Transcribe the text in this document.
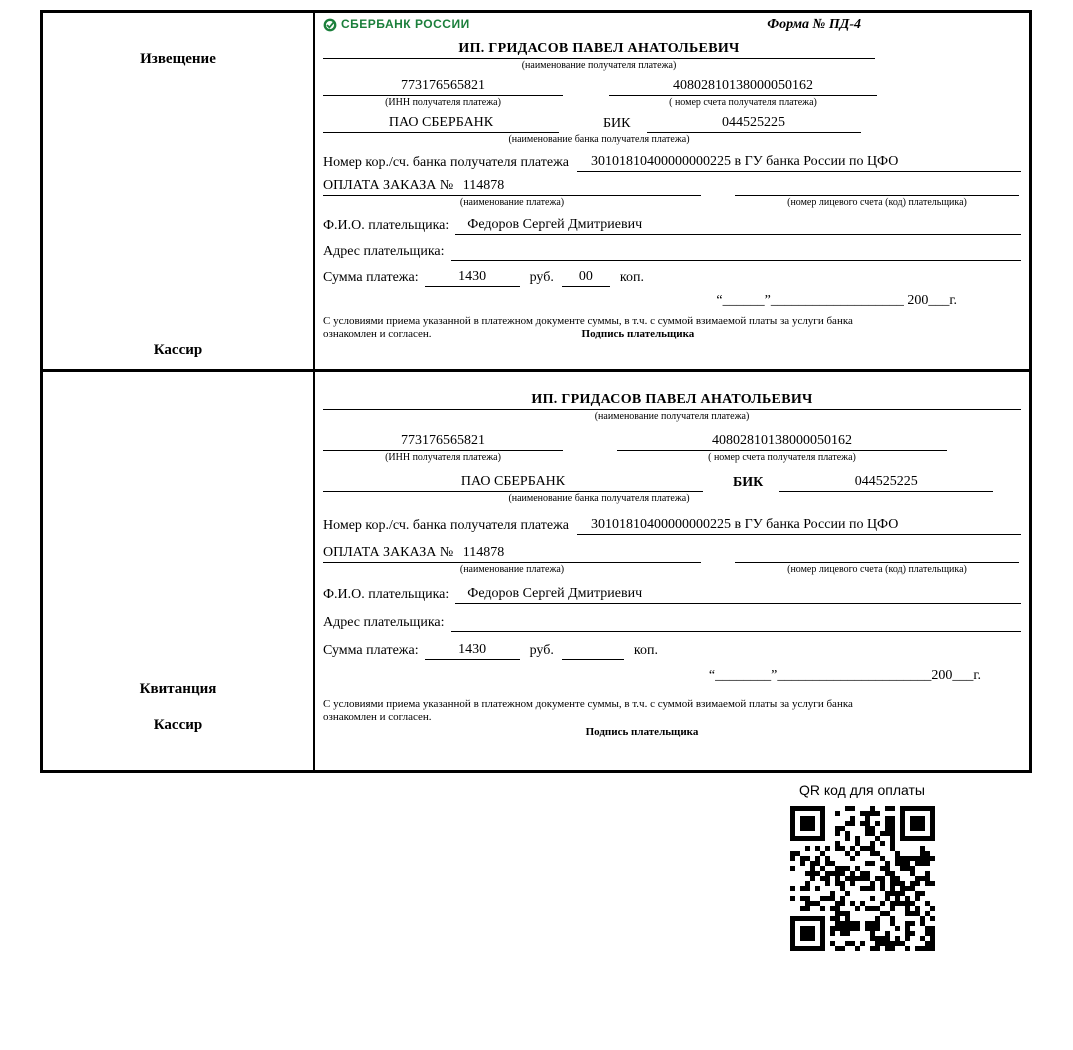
Извещение
Кассир
СБЕРБАНК РОССИИ	Форма № ПД-4
ИП. ГРИДАСОВ ПАВЕЛ АНАТОЛЬЕВИЧ
(наименование получателя платежа)
773176565821	40802810138000050162
(ИНН получателя платежа)	( номер счета получателя платежа)
ПАО СБЕРБАНК	БИК	044525225
(наименование банка получателя платежа)
Номер кор./сч. банка получателя платежа	30101810400000000225 в ГУ банка России по ЦФО
ОПЛАТА ЗАКАЗА № 114878
(наименование платежа)	(номер лицевого счета (код) плательщика)
Ф.И.О. плательщика:	Федоров Сергей Дмитриевич
Адрес плательщика:
Сумма платежа:	1430	руб.	00	коп.
“______”___________________ 200___г.
С условиями приема указанной в платежном документе суммы, в т.ч. с суммой взимаемой платы за услуги банка
ознакомлен и согласен.	Подпись плательщика
Квитанция
Кассир
ИП. ГРИДАСОВ ПАВЕЛ АНАТОЛЬЕВИЧ
(наименование получателя платежа)
773176565821	40802810138000050162
(ИНН получателя платежа)	( номер счета получателя платежа)
ПАО СБЕРБАНК	БИК	044525225
(наименование банка получателя платежа)
Номер кор./сч. банка получателя платежа	30101810400000000225 в ГУ банка России по ЦФО
ОПЛАТА ЗАКАЗА № 114878
(наименование платежа)	(номер лицевого счета (код) плательщика)
Ф.И.О. плательщика:	Федоров Сергей Дмитриевич
Адрес плательщика:
Сумма платежа:	1430	руб.	коп.
“________”______________________200___г.
С условиями приема указанной в платежном документе суммы, в т.ч. с суммой взимаемой платы за услуги банка
ознакомлен и согласен.
Подпись плательщика
QR код для оплаты
